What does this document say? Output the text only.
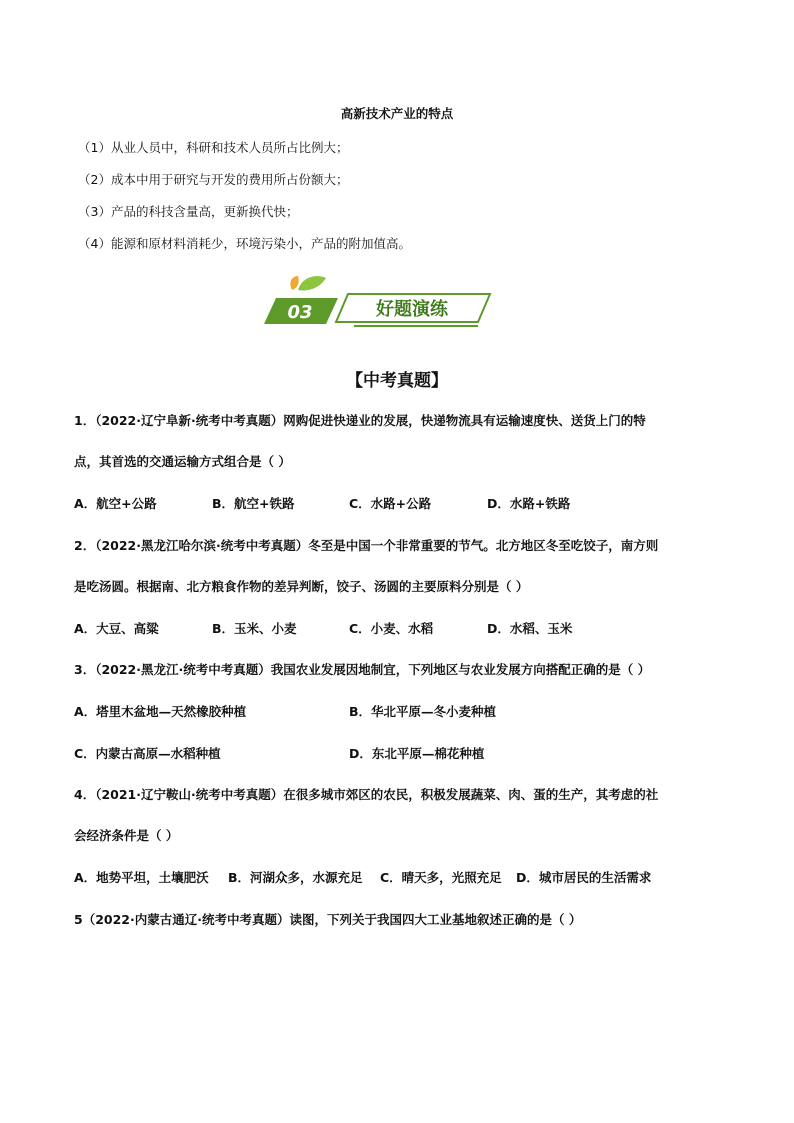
高新技术产业的特点
（1）从业人员中，科研和技术人员所占比例大；
（2）成本中用于研究与开发的费用所占份额大；
（3）产品的科技含量高，更新换代快；
（4）能源和原材料消耗少，环境污染小，产品的附加值高。
03	好题演练
【中考真题】
1．（2022·辽宁阜新·统考中考真题）网购促进快递业的发展，快递物流具有运输速度快、送货上门的特
点，其首选的交通运输方式组合是（ ）
A．航空+公路	B．航空+铁路	C．水路+公路	D．水路+铁路
2．（2022·黑龙江哈尔滨·统考中考真题）冬至是中国一个非常重要的节气。北方地区冬至吃饺子，南方则
是吃汤圆。根据南、北方粮食作物的差异判断，饺子、汤圆的主要原料分别是（ ）
A．大豆、高粱	B．玉米、小麦	C．小麦、水稻	D．水稻、玉米
3．（2022·黑龙江·统考中考真题）我国农业发展因地制宜，下列地区与农业发展方向搭配正确的是（ ）
A．塔里木盆地—天然橡胶种植	B．华北平原—冬小麦种植
C．内蒙古高原—水稻种植	D．东北平原—棉花种植
4．（2021·辽宁鞍山·统考中考真题）在很多城市郊区的农民，积极发展蔬菜、肉、蛋的生产，其考虑的社
会经济条件是（ ）
A．地势平坦，土壤肥沃 B．河湖众多，水源充足 C．晴天多，光照充足 D．城市居民的生活需求
5（2022·内蒙古通辽·统考中考真题）读图，下列关于我国四大工业基地叙述正确的是（ ）
